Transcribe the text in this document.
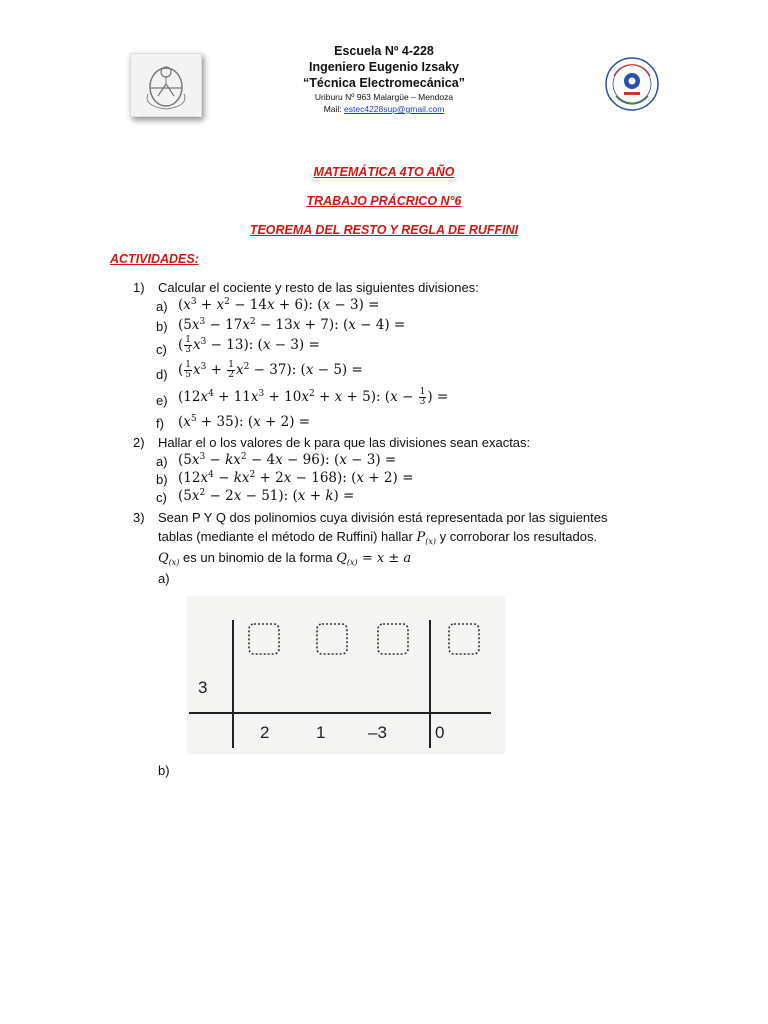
Escuela Nº 4-228
Ingeniero Eugenio Izsaky
“Técnica Electromecánica”
Uriburu Nº 963 Malargüe – Mendoza
Mail: estec4228sup@gmail.com
MATEMÁTICA 4TO AÑO
TRABAJO PRÁCRICO N°6
TEOREMA DEL RESTO Y REGLA DE RUFFINI
ACTIVIDADES:
1) Calcular el cociente y resto de las siguientes divisiones:
a) $(x^3 + x^2 - 14x + 6)$: (x − 3) =
b) $(5x^3 - 17x^2 - 13x + 7)$: (x − 4) =
c) ( $\frac{1}{3} x^3 - 13$): (x − 3) =
d) ( $\frac{1}{5} x^3 + \frac{1}{2} x^2 - 37$): (x − 5) =
e) $(12x^4 + 11x^3 + 10x^2 + x + 5)$: ($x - \frac{1}{3}$ ) =
f) $(x^5 + 35)$: (x + 2) =
2) Hallar el o los valores de k para que las divisiones sean exactas:
a) $(5x^3 - kx^2 - 4x - 96)$: (x − 3) =
b) $(12x^4 - kx^2 + 2x - 168)$: (x + 2) =
c) $(5x^2 - 2x - 51)$: (x + k) =
3) Sean P Y Q dos polinomios cuya división está representada por las siguientes
tablas (mediante el método de Ruffini) hallar $P_{(x)}$ y corroborar los resultados.
$Q_{(x)}$ es un binomio de la forma $Q_{(x)} = x \pm a$
a)
3
2	1	–3	0
b)
